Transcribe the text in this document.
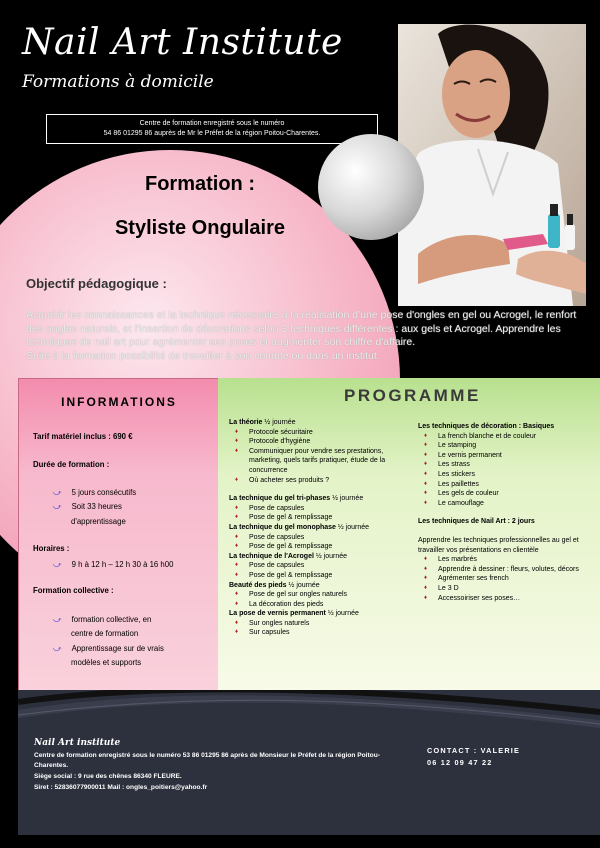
Nail Art Institute
Formations à domicile
Centre de formation enregistré sous le numéro
54 86 01295 86 auprès de Mr le Préfet de la région Poitou-Charentes.
Formation :
Styliste Ongulaire
Objectif pédagogique :
Acquérir les connaissances et la technique nécessaire à la réalisation d'une pose d'ongles en gel ou Acrogel, le renfort des ongles naturels, et l'insertion de décorations selon 3 techniques différentes : aux gels et Acrogel. Apprendre les techniques de nail art pour agrémenter ses poses et augmenter son chiffre d'affaire.
Suite à la formation possibilité de travailler à son compte ou dans un institut.
INFORMATIONS
Tarif matériel inclus : 690 €
Durée de formation :
⤻ 5 jours consécutifs
⤻ Soit 33 heures
d'apprentissage
Horaires :
⤻ 9 h à 12 h – 12 h 30 à 16 h00
Formation collective :
⤻ formation collective, en
centre de formation
⤻ Apprentissage sur de vrais
modèles et supports
PROGRAMME
La théorie ½ journée
♦ Protocole sécuritaire
♦ Protocole d'hygiène
♦ Communiquer pour vendre ses prestations, marketing, quels tarifs pratiquer, étude de la concurrence
♦ Où acheter ses produits ?
La technique du gel tri-phases ½ journée
♦ Pose de capsules
♦ Pose de gel & remplissage
La technique du gel monophase ½ journée
♦ Pose de capsules
♦ Pose de gel & remplissage
La technique de l'Acrogel ½ journée
♦ Pose de capsules
♦ Pose de gel & remplissage
Beauté des pieds ½ journée
♦ Pose de gel sur ongles naturels
♦ La décoration des pieds
La pose de vernis permanent ½ journée
♦ Sur ongles naturels
♦ Sur capsules
Les techniques de décoration : Basiques
♦ La french blanche et de couleur
♦ Le stamping
♦ Le vernis permanent
♦ Les strass
♦ Les stickers
♦ Les paillettes
♦ Les gels de couleur
♦ Le camouflage
Les techniques de Nail Art : 2 jours
Apprendre les techniques professionnelles au gel et travailler vos présentations en clientèle
♦ Les marbrés
♦ Apprendre à dessiner : fleurs, volutes, décors
♦ Agrémenter ses french
♦ Le 3 D
♦ Accessoiriser ses poses…
Nail Art institute
Centre de formation enregistré sous le numéro 53 86 01295 86 après de Monsieur le Préfet de la région Poitou-
Charentes.
Siège social : 9 rue des chênes 86340 FLEURE.
Siret : 52836077900011 Mail : ongles_poitiers@yahoo.fr
CONTACT : VALERIE
06 12 09 47 22
